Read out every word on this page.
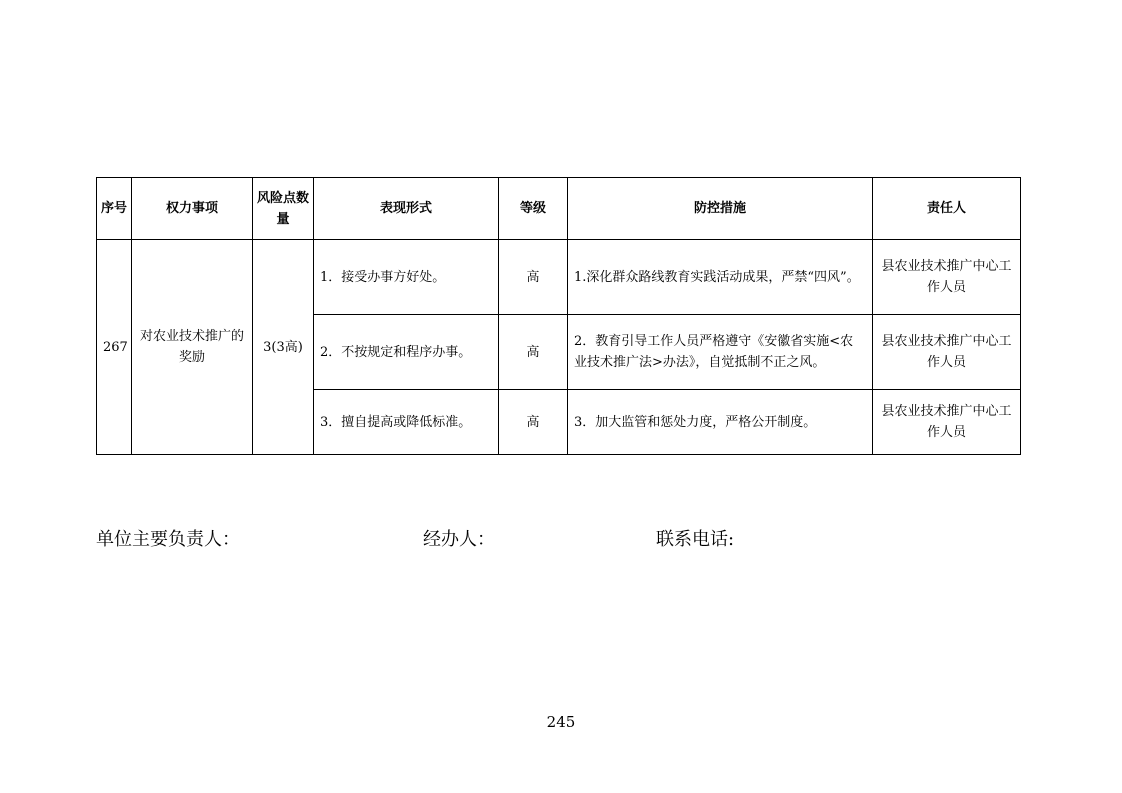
序号	权力事项	风险点数量	表现形式	等级	防控措施	责任人
267	对农业技术推广的奖励	3(3高)	1．接受办事方好处。	高	1.深化群众路线教育实践活动成果，严禁“四风”。	县农业技术推广中心工作人员
			2．不按规定和程序办事。	高	2．教育引导工作人员严格遵守《安徽省实施<农业技术推广法>办法》，自觉抵制不正之风。	县农业技术推广中心工作人员
			3．擅自提高或降低标准。	高	3．加大监管和惩处力度，严格公开制度。	县农业技术推广中心工作人员
单位主要负责人：	经办人：	联系电话:
245
